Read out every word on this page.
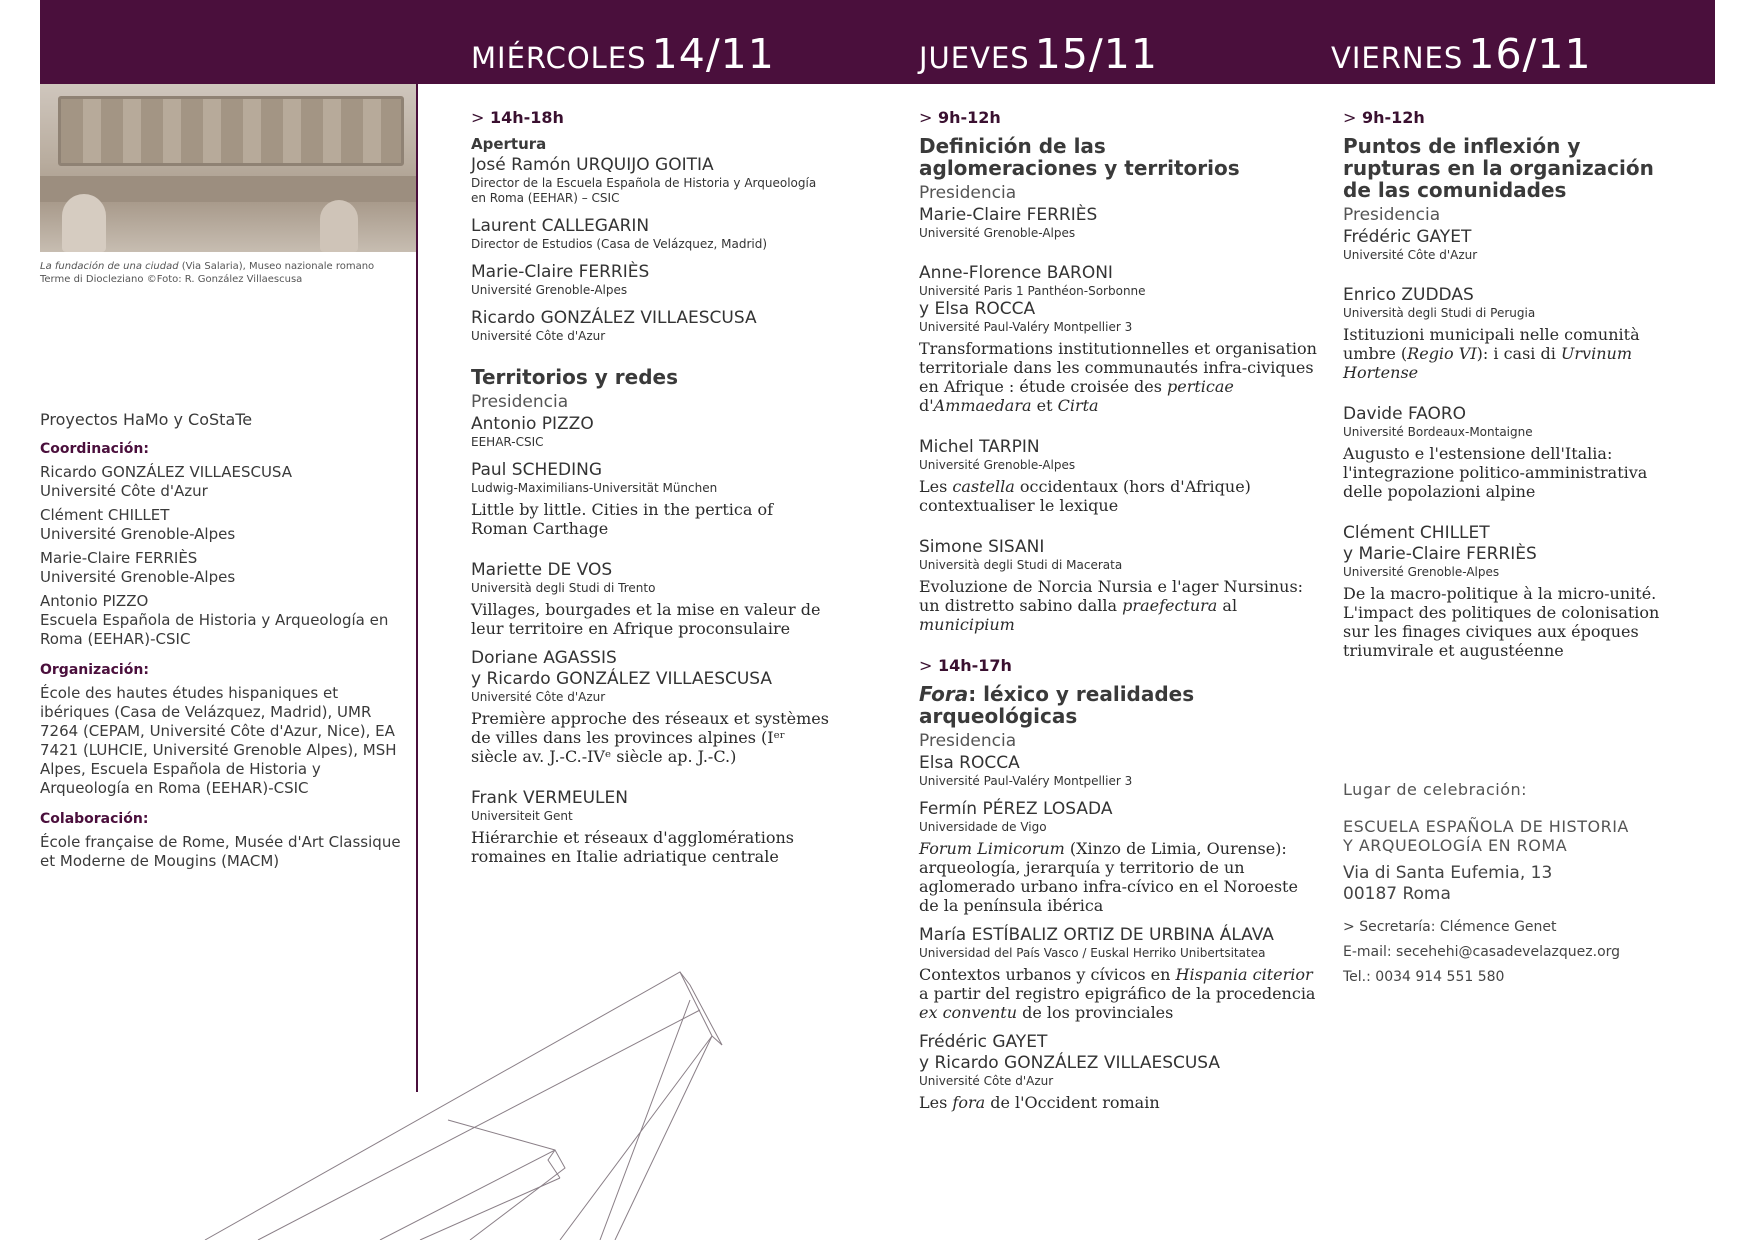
MIÉRCOLES 14/11	JUEVES 15/11	VIERNES 16/11
La fundación de una ciudad (Via Salaria), Museo nazionale romano
Terme di Diocleziano ©Foto: R. González Villaescusa
Proyectos HaMo y CoStaTe
Coordinación:
Ricardo GONZÁLEZ VILLAESCUSA
Université Côte d'Azur
Clément CHILLET
Université Grenoble-Alpes
Marie-Claire FERRIÈS
Université Grenoble-Alpes
Antonio PIZZO
Escuela Española de Historia y Arqueología en Roma (EEHAR)-CSIC
Organización:
École des hautes études hispaniques et ibériques (Casa de Velázquez, Madrid), UMR 7264 (CEPAM, Université Côte d'Azur, Nice), EA 7421 (LUHCIE, Université Grenoble Alpes), MSH Alpes, Escuela Española de Historia y Arqueología en Roma (EEHAR)-CSIC
Colaboración:
École française de Rome, Musée d'Art Classique et Moderne de Mougins (MACM)
> 14h-18h
Apertura

José Ramón URQUIJO GOITIA

Director de la Escuela Española de Historia y Arqueología en Roma (EEHAR) – CSIC

Laurent CALLEGARIN

Director de Estudios (Casa de Velázquez, Madrid)

Marie-Claire FERRIÈS

Université Grenoble-Alpes

Ricardo GONZÁLEZ VILLAESCUSA

Université Côte d'Azur

Territorios y redes
Presidencia

Antonio PIZZO

EEHAR-CSIC

Paul SCHEDING

Ludwig-Maximilians-Universität München

Little by little. Cities in the pertica of Roman Carthage

Mariette DE VOS

Università degli Studi di Trento

Villages, bourgades et la mise en valeur de leur territoire en Afrique proconsulaire

Doriane AGASSIS

y Ricardo GONZÁLEZ VILLAESCUSA

Université Côte d'Azur

Première approche des réseaux et systèmes de villes dans les provinces alpines (Iᵉʳ siècle av. J.-C.-IVᵉ siècle ap. J.-C.)

Frank VERMEULEN

Universiteit Gent

Hiérarchie et réseaux d'agglomérations romaines en Italie adriatique centrale

> 9h-12h
Definición de las aglomeraciones y territorios
Presidencia

Marie-Claire FERRIÈS

Université Grenoble-Alpes

Anne-Florence BARONI

Université Paris 1 Panthéon-Sorbonne

y Elsa ROCCA

Université Paul-Valéry Montpellier 3

Transformations institutionnelles et organisation territoriale dans les communautés infra-civiques en Afrique : étude croisée des perticae d'Ammaedara et Cirta

Michel TARPIN

Université Grenoble-Alpes

Les castella occidentaux (hors d'Afrique) contextualiser le lexique

Simone SISANI

Università degli Studi di Macerata

Evoluzione de Norcia Nursia e l'ager Nursinus: un distretto sabino dalla praefectura al municipium

> 14h-17h
Fora: léxico y realidades arqueológicas
Presidencia

Elsa ROCCA

Université Paul-Valéry Montpellier 3

Fermín PÉREZ LOSADA

Universidade de Vigo

Forum Limicorum (Xinzo de Limia, Ourense): arqueología, jerarquía y territorio de un aglomerado urbano infra-cívico en el Noroeste de la península ibérica

María ESTÍBALIZ ORTIZ DE URBINA ÁLAVA

Universidad del País Vasco / Euskal Herriko Unibertsitatea

Contextos urbanos y cívicos en Hispania citerior a partir del registro epigráfico de la procedencia ex conventu de los provinciales

Frédéric GAYET

y Ricardo GONZÁLEZ VILLAESCUSA

Université Côte d'Azur

Les fora de l'Occident romain

> 9h-12h
Puntos de inflexión y rupturas en la organización de las comunidades
Presidencia

Frédéric GAYET

Université Côte d'Azur

Enrico ZUDDAS

Università degli Studi di Perugia

Istituzioni municipali nelle comunità umbre (Regio VI): i casi di Urvinum Hortense

Davide FAORO

Université Bordeaux-Montaigne

Augusto e l'estensione dell'Italia: l'integrazione politico-amministrativa delle popolazioni alpine

Clément CHILLET

y Marie-Claire FERRIÈS

Université Grenoble-Alpes

De la macro-politique à la micro-unité. L'impact des politiques de colonisation sur les finages civiques aux époques triumvirale et augustéenne

Lugar de celebración:

ESCUELA ESPAÑOLA DE HISTORIA

Y ARQUEOLOGÍA EN ROMA

Via di Santa Eufemia, 13

00187 Roma

> Secretaría: Clémence Genet

E-mail: secehehi@casadevelazquez.org

Tel.: 0034 914 551 580
